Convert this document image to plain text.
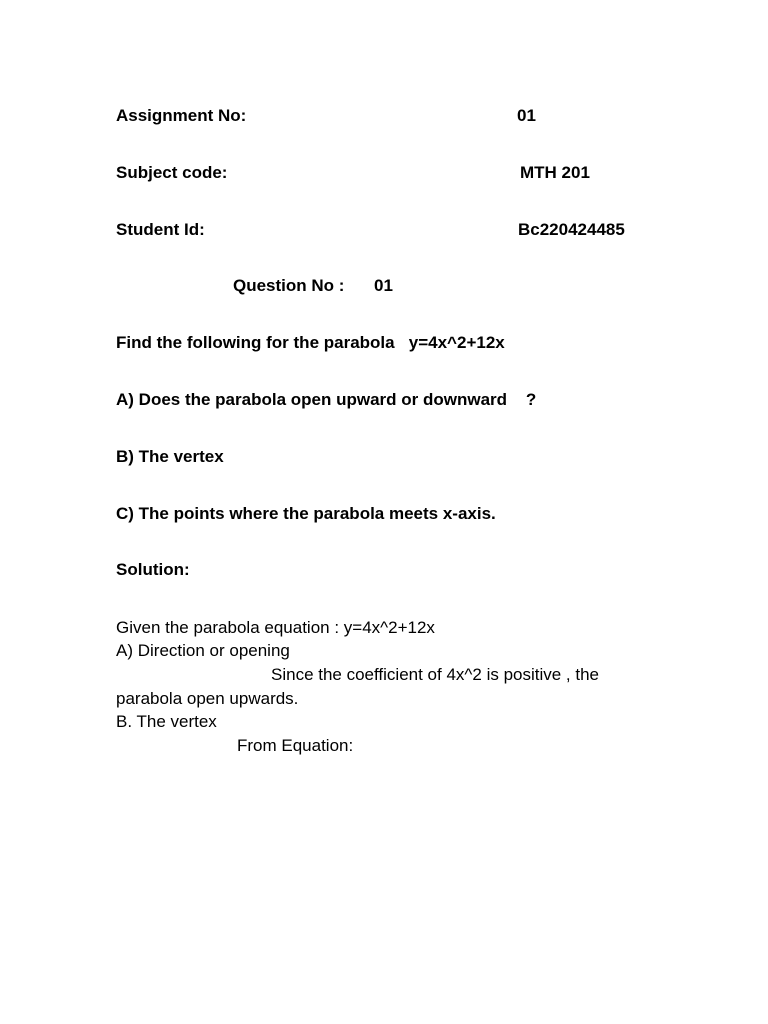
Assignment No:	01
Subject code:	MTH 201
Student Id:	Bc220424485
Question No : 01
Find the following for the parabola   y=4x^2+12x
A) Does the parabola open upward or downward    ?
B) The vertex
C) The points where the parabola meets x-axis.
Solution:
Given the parabola equation : y=4x^2+12x
A) Direction or opening
Since the coefficient of 4x^2 is positive , the
parabola open upwards.
B. The vertex
From Equation:
